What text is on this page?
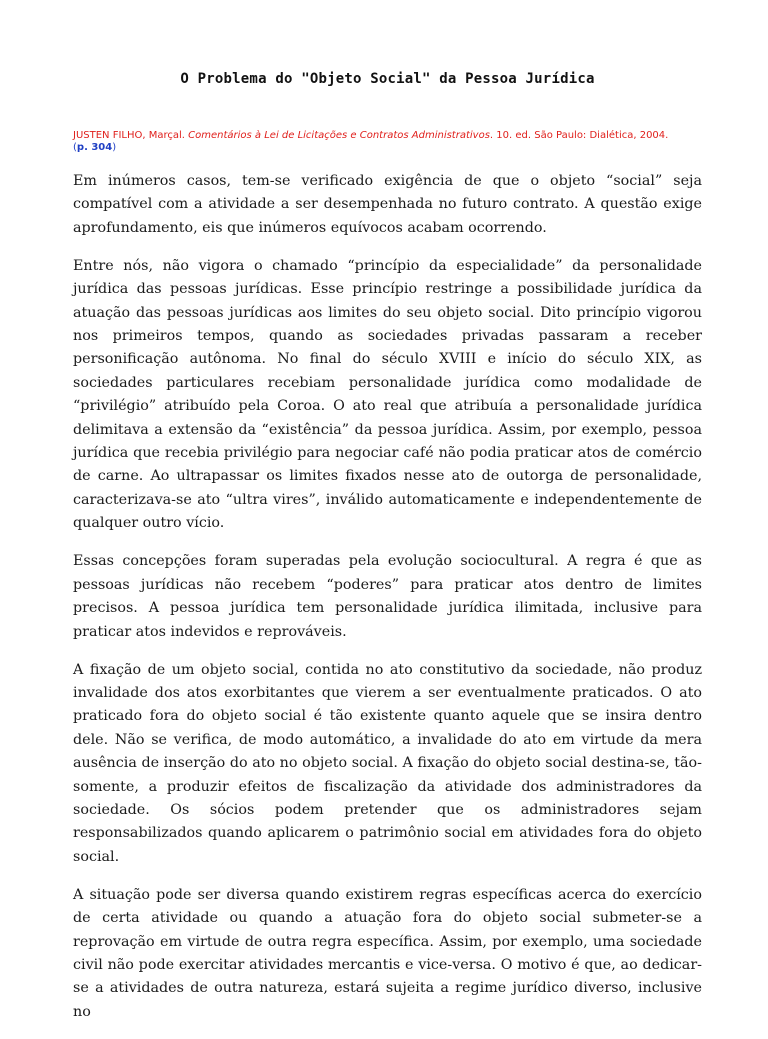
O Problema do "Objeto Social" da Pessoa Jurídica
JUSTEN FILHO, Marçal. Comentários à Lei de Licitações e Contratos Administrativos. 10. ed. São Paulo: Dialética, 2004.
(p. 304)

Em inúmeros casos, tem-se verificado exigência de que o objeto “social” seja compatível com a atividade a ser desempenhada no futuro contrato. A questão exige aprofundamento, eis que inúmeros equívocos acabam ocorrendo.

Entre nós, não vigora o chamado “princípio da especialidade” da personalidade jurídica das pessoas jurídicas. Esse princípio restringe a possibilidade jurídica da atuação das pessoas jurídicas aos limites do seu objeto social. Dito princípio vigorou nos primeiros tempos, quando as sociedades privadas passaram a receber personificação autônoma. No final do século XVIII e início do século XIX, as sociedades particulares recebiam personalidade jurídica como modalidade de “privilégio” atribuído pela Coroa. O ato real que atribuía a personalidade jurídica delimitava a extensão da “existência” da pessoa jurídica. Assim, por exemplo, pessoa jurídica que recebia privilégio para negociar café não podia praticar atos de comércio de carne. Ao ultrapassar os limites fixados nesse ato de outorga de personalidade, caracterizava-se ato “ultra vires”, inválido automaticamente e independentemente de qualquer outro vício.

Essas concepções foram superadas pela evolução sociocultural. A regra é que as pessoas jurídicas não recebem “poderes” para praticar atos dentro de limites precisos. A pessoa jurídica tem personalidade jurídica ilimitada, inclusive para praticar atos indevidos e reprováveis.

A fixação de um objeto social, contida no ato constitutivo da sociedade, não produz invalidade dos atos exorbitantes que vierem a ser eventualmente praticados. O ato praticado fora do objeto social é tão existente quanto aquele que se insira dentro dele. Não se verifica, de modo automático, a invalidade do ato em virtude da mera ausência de inserção do ato no objeto social. A fixação do objeto social destina-se, tão-somente, a produzir efeitos de fiscalização da atividade dos administradores da sociedade. Os sócios podem pretender que os administradores sejam responsabilizados quando aplicarem o patrimônio social em atividades fora do objeto social.

A situação pode ser diversa quando existirem regras específicas acerca do exercício de certa atividade ou quando a atuação fora do objeto social submeter-se a reprovação em virtude de outra regra específica. Assim, por exemplo, uma sociedade civil não pode exercitar atividades mercantis e vice-versa. O motivo é que, ao dedicar-se a atividades de outra natureza, estará sujeita a regime jurídico diverso, inclusive no
